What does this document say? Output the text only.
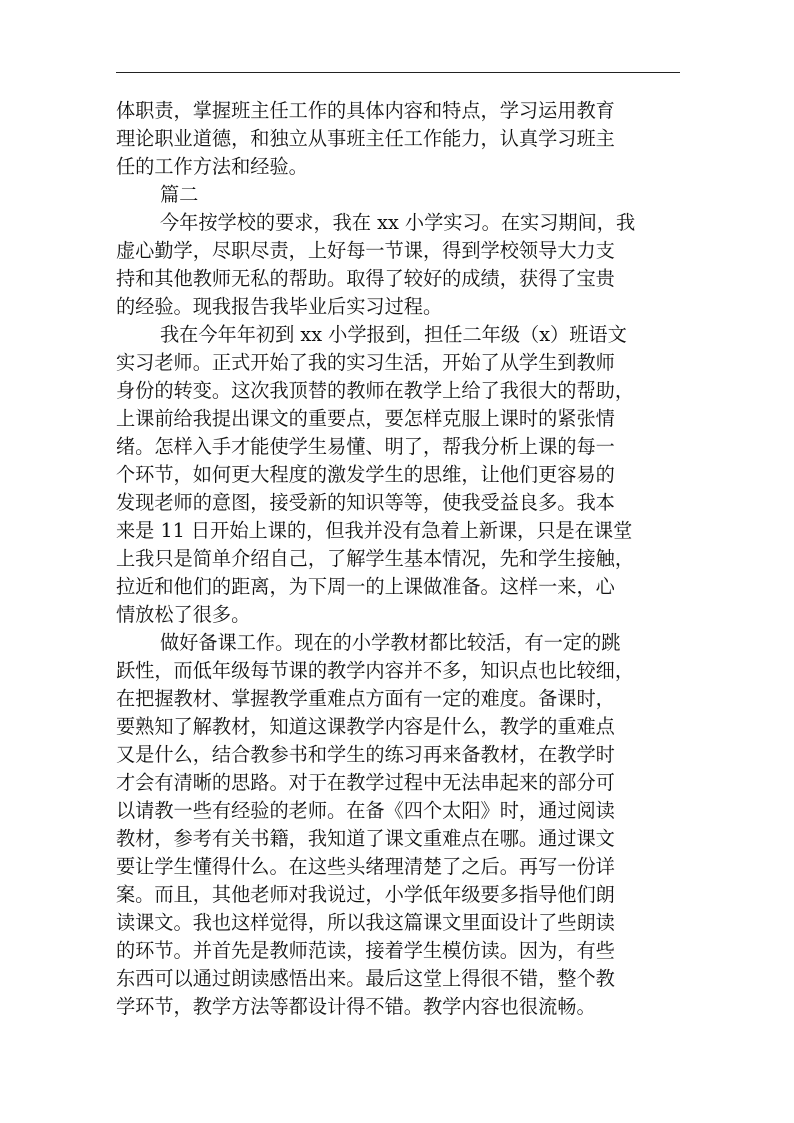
体职责，掌握班主任工作的具体内容和特点，学习运用教育
理论职业道德，和独立从事班主任工作能力，认真学习班主
任的工作方法和经验。
篇二
今年按学校的要求，我在 xx 小学实习。在实习期间，我
虚心勤学，尽职尽责，上好每一节课，得到学校领导大力支
持和其他教师无私的帮助。取得了较好的成绩，获得了宝贵
的经验。现我报告我毕业后实习过程。
我在今年年初到 xx 小学报到，担任二年级（x）班语文
实习老师。正式开始了我的实习生活，开始了从学生到教师
身份的转变。这次我顶替的教师在教学上给了我很大的帮助，
上课前给我提出课文的重要点，要怎样克服上课时的紧张情
绪。怎样入手才能使学生易懂、明了，帮我分析上课的每一
个环节，如何更大程度的激发学生的思维，让他们更容易的
发现老师的意图，接受新的知识等等，使我受益良多。我本
来是 11 日开始上课的，但我并没有急着上新课，只是在课堂
上我只是简单介绍自己，了解学生基本情况，先和学生接触，
拉近和他们的距离，为下周一的上课做准备。这样一来，心
情放松了很多。
做好备课工作。现在的小学教材都比较活，有一定的跳
跃性，而低年级每节课的教学内容并不多，知识点也比较细，
在把握教材、掌握教学重难点方面有一定的难度。备课时，
要熟知了解教材，知道这课教学内容是什么，教学的重难点
又是什么，结合教参书和学生的练习再来备教材，在教学时
才会有清晰的思路。对于在教学过程中无法串起来的部分可
以请教一些有经验的老师。在备《四个太阳》时，通过阅读
教材，参考有关书籍，我知道了课文重难点在哪。通过课文
要让学生懂得什么。在这些头绪理清楚了之后。再写一份详
案。而且，其他老师对我说过，小学低年级要多指导他们朗
读课文。我也这样觉得，所以我这篇课文里面设计了些朗读
的环节。并首先是教师范读，接着学生模仿读。因为，有些
东西可以通过朗读感悟出来。最后这堂上得很不错，整个教
学环节，教学方法等都设计得不错。教学内容也很流畅。
